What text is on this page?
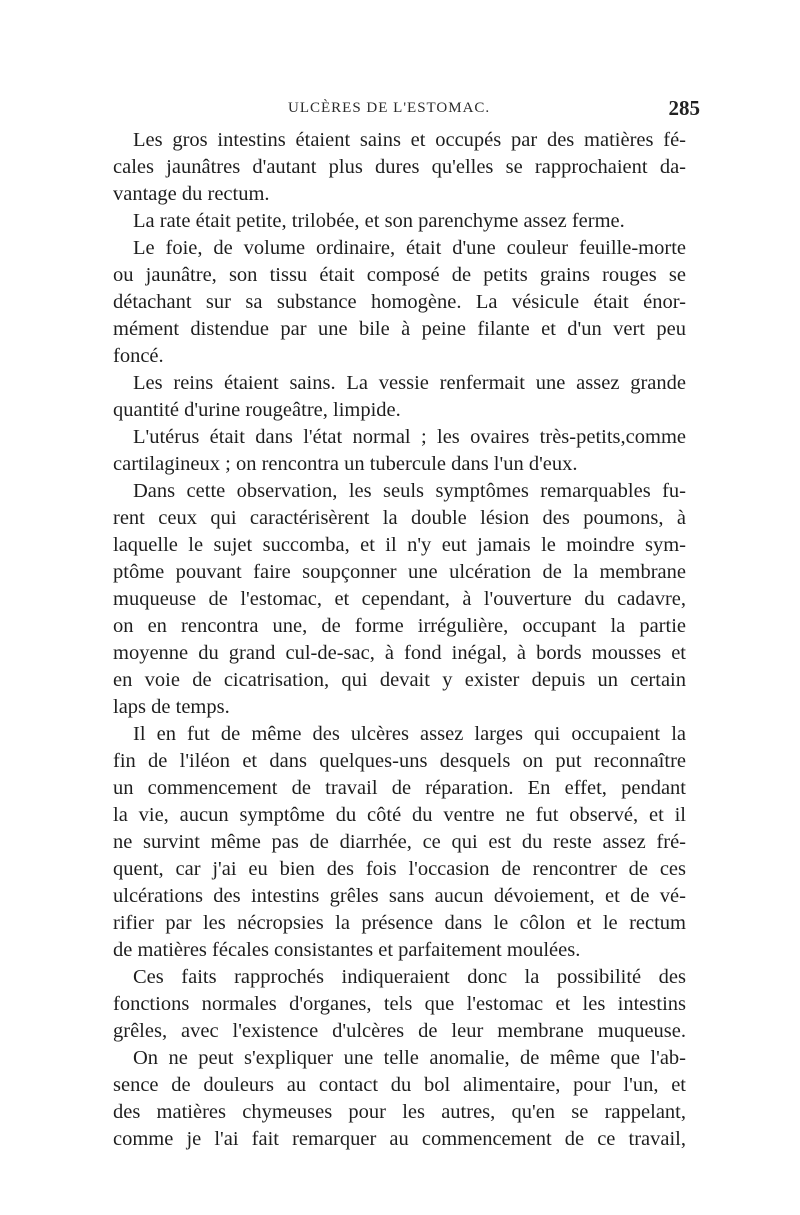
ULCÈRES DE L'ESTOMAC.	285
Les gros intestins étaient sains et occupés par des matières fé-
cales jaunâtres d'autant plus dures qu'elles se rapprochaient da-
vantage du rectum.
La rate était petite, trilobée, et son parenchyme assez ferme.
Le foie, de volume ordinaire, était d'une couleur feuille-morte
ou jaunâtre, son tissu était composé de petits grains rouges se
détachant sur sa substance homogène. La vésicule était énor-
mément distendue par une bile à peine filante et d'un vert peu
foncé.
Les reins étaient sains. La vessie renfermait une assez grande
quantité d'urine rougeâtre, limpide.
L'utérus était dans l'état normal ; les ovaires très-petits,comme
cartilagineux ; on rencontra un tubercule dans l'un d'eux.
Dans cette observation, les seuls symptômes remarquables fu-
rent ceux qui caractérisèrent la double lésion des poumons, à
laquelle le sujet succomba, et il n'y eut jamais le moindre sym-
ptôme pouvant faire soupçonner une ulcération de la membrane
muqueuse de l'estomac, et cependant, à l'ouverture du cadavre,
on en rencontra une, de forme irrégulière, occupant la partie
moyenne du grand cul-de-sac, à fond inégal, à bords mousses et
en voie de cicatrisation, qui devait y exister depuis un certain
laps de temps.
Il en fut de même des ulcères assez larges qui occupaient la
fin de l'iléon et dans quelques-uns desquels on put reconnaître
un commencement de travail de réparation. En effet, pendant
la vie, aucun symptôme du côté du ventre ne fut observé, et il
ne survint même pas de diarrhée, ce qui est du reste assez fré-
quent, car j'ai eu bien des fois l'occasion de rencontrer de ces
ulcérations des intestins grêles sans aucun dévoiement, et de vé-
rifier par les nécropsies la présence dans le côlon et le rectum
de matières fécales consistantes et parfaitement moulées.
Ces faits rapprochés indiqueraient donc la possibilité des
fonctions normales d'organes, tels que l'estomac et les intestins
grêles, avec l'existence d'ulcères de leur membrane muqueuse.
On ne peut s'expliquer une telle anomalie, de même que l'ab-
sence de douleurs au contact du bol alimentaire, pour l'un, et
des matières chymeuses pour les autres, qu'en se rappelant,
comme je l'ai fait remarquer au commencement de ce travail,
